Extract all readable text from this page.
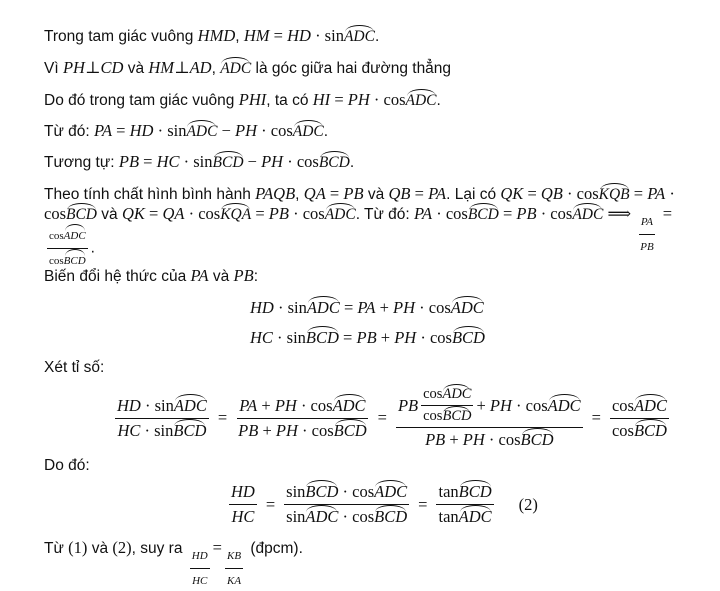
Trong tam giác vuông HMD, HM = HD · sinADC.
Vì PH⊥CD và HM⊥AD, ADC là góc giữa hai đường thẳng
Do đó trong tam giác vuông PHI, ta có HI = PH · cosADC.
Từ đó: PA = HD · sinADC − PH · cosADC.
Tương tự: PB = HC · sinBCD − PH · cosBCD.
Theo tính chất hình bình hành PAQB, QA = PB và QB = PA. Lại có QK = QB · cosKQB = PA ·
cosBCD và QK = QA · cosKQA = PB · cosADC. Từ đó: PA · cosBCD = PB · cosADC ⟹ $\frac{PA}{PB}$ =
$\frac{\text{cosADC}}{\text{cosBCD}}$ .
Biến đổi hệ thức của PA và PB:
HD · sinADC = PA + PH · cosADC
HC · sinBCD = PB + PH · cosBCD
Xét tỉ số:
$\frac{\text{HD · sinADC}}{\text{HC · sinBCD}} = \frac{\text{PA + PH · cosADC}}{\text{PB + PH · cosBCD}} = \frac{PB \frac{\text{cosADC}}{\text{cosBCD}} + PH \cdot \cos ADC}{\text{PB + PH · cosBCD}} = \frac{\text{cosADC}}{\text{cosBCD}}$
Do đó:
$\frac{HD}{HC} = \frac{\text{sinBCD · cosADC}}{\text{sinADC · cosBCD}} = \frac{\text{tanBCD}}{\text{tanADC}} (2)$
Từ (1) và (2), suy ra $\frac{HD}{HC} = \frac{KB}{KA}$ (đpcm).
